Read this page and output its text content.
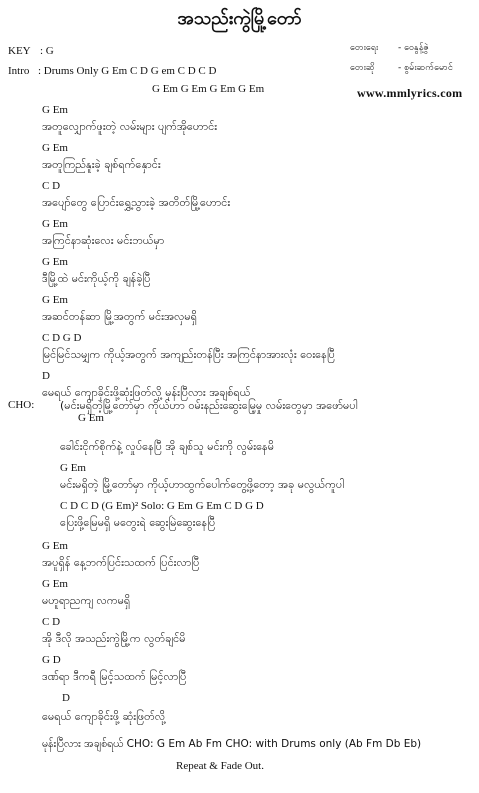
အသည်းကွဲမြို့တော်
KEY : G
Intro : Drums Only G Em C D G em C D C D
G Em G Em G Em G Em
တေးရေး - ဝေနွန့်ဇွဲ
တေးဆို	- စွမ်းဆက်မောင်
www.mmlyrics.com
CHO:
G Em
အတူလျှောက်ဖူးတဲ့ လမ်းများ ပျက်အိုဟောင်း
G Em
အတူကြည်နူးခဲ့ ချစ်ရက်နှောင်း
C D
အပျော်တွေ ပြောင်းရွှေ့သွားခဲ့ အတိတ်မြို့ဟောင်း
G Em
အကြင်နာဆုံးလေး မင်းဘယ်မှာ
G Em
ဒီမြို့ထဲ မင်းကိုယ့်ကို ချန်ခဲ့ပြီ
G Em
အဆင်တန်ဆာ မြို့အတွက် မင်းအလှမရှိ
C D G D
မြင်မြင်သမျှက ကိုယ့်အတွက် အကျည်းတန်ပြီး အကြင်နာအားလုံး ဝေးနေပြီ
D
မေရယ် ကျောခိုင်းဖို့ဆုံးဖြတ်လို့ မုန်းပြီလား အချစ်ရယ်
G Em
(မင်းမရှိတဲ့မြို့တော်မှာ ကိုယ်ဟာ ဝမ်းနည်းဆွေးမြေ့မှု လမ်းတွေမှာ အဖော်မပါ
ခေါင်းငိုက်စိုက်နဲ့ လှုပ်နေပြီ အို ချစ်သူ မင်းကို လွမ်းနေမိ
G Em
မင်းမရှိတဲ့ မြို့တော်မှာ ကိုယ့်ဟာထွက်ပေါက်တွေ့ဖို့တော့ အခု မလွယ်ကူပါ
C D C D (G Em)² Solo: G Em G Em C D G D
ပြေးဖို့မြေမရှိ မတွေးရဲ ဆွေးမြဲဆွေးနေပြီ
G Em
အပူရှိန် နေ့ဘက်ပြင်းသထက် ပြင်းလာပြီ
G Em
မဟူရာညကျ လကမရှိ
C D
အို ဒီလို အသည်းကွဲမြို့က လွတ်ချင်မိ
G D
ဒဏ်ရာ ဒီကရီ မြင့်သထက် မြင့်လာပြီ
D
မေရယ် ကျောခိုင်းဖို့ ဆုံးဖြတ်လို့
မုန်းပြီလား အချစ်ရယ် CHO: G Em Ab Fm CHO: with Drums only (Ab Fm Db Eb)
Repeat & Fade Out.
